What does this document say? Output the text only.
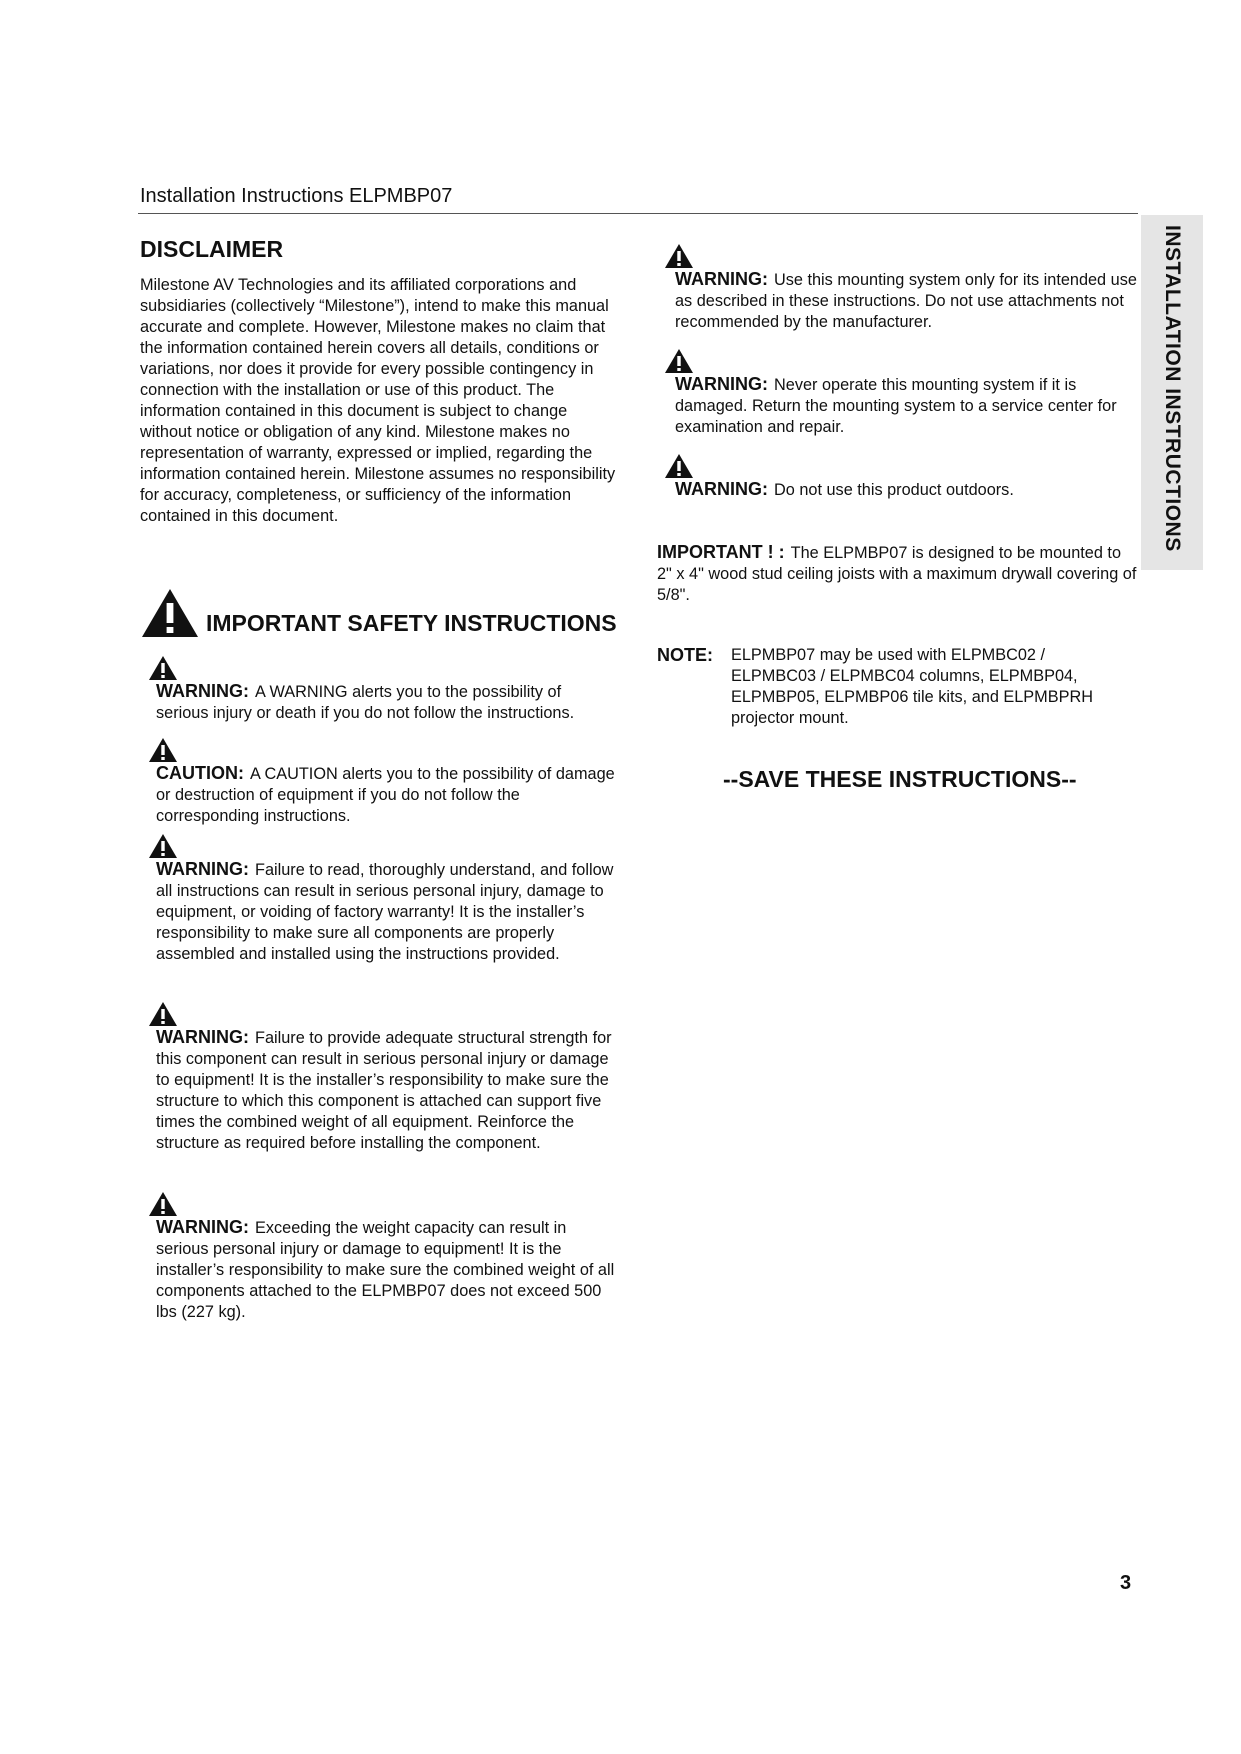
Installation Instructions ELPMBP07
INSTALLATION INSTRUCTIONS
DISCLAIMER

Milestone AV Technologies and its affiliated corporations and subsidiaries (collectively “Milestone”), intend to make this manual accurate and complete. However, Milestone makes no claim that the information contained herein covers all details, conditions or variations, nor does it provide for every possible contingency in connection with the installation or use of this product. The information contained in this document is subject to change without notice or obligation of any kind. Milestone makes no representation of warranty, expressed or implied, regarding the information contained herein. Milestone assumes no responsibility for accuracy, completeness, or sufficiency of the information contained in this document.

IMPORTANT SAFETY INSTRUCTIONS

WARNING: A WARNING alerts you to the possibility of serious injury or death if you do not follow the instructions.

CAUTION: A CAUTION alerts you to the possibility of damage or destruction of equipment if you do not follow the corresponding instructions.

WARNING: Failure to read, thoroughly understand, and follow all instructions can result in serious personal injury, damage to equipment, or voiding of factory warranty! It is the installer’s responsibility to make sure all components are properly assembled and installed using the instructions provided.

WARNING: Failure to provide adequate structural strength for this component can result in serious personal injury or damage to equipment! It is the installer’s responsibility to make sure the structure to which this component is attached can support five times the combined weight of all equipment. Reinforce the structure as required before installing the component.

WARNING: Exceeding the weight capacity can result in serious personal injury or damage to equipment! It is the installer’s responsibility to make sure the combined weight of all components attached to the ELPMBP07 does not exceed 500 lbs (227 kg).

WARNING: Use this mounting system only for its intended use as described in these instructions. Do not use attachments not recommended by the manufacturer.

WARNING: Never operate this mounting system if it is damaged. Return the mounting system to a service center for examination and repair.

WARNING: Do not use this product outdoors.

IMPORTANT ! : The ELPMBP07 is designed to be mounted to 2" x 4" wood stud ceiling joists with a maximum drywall covering of 5/8".

NOTE:	ELPMBP07 may be used with ELPMBC02 / ELPMBC03 / ELPMBC04 columns, ELPMBP04, ELPMBP05, ELPMBP06 tile kits, and ELPMBPRH projector mount.

--SAVE THESE INSTRUCTIONS--
3
